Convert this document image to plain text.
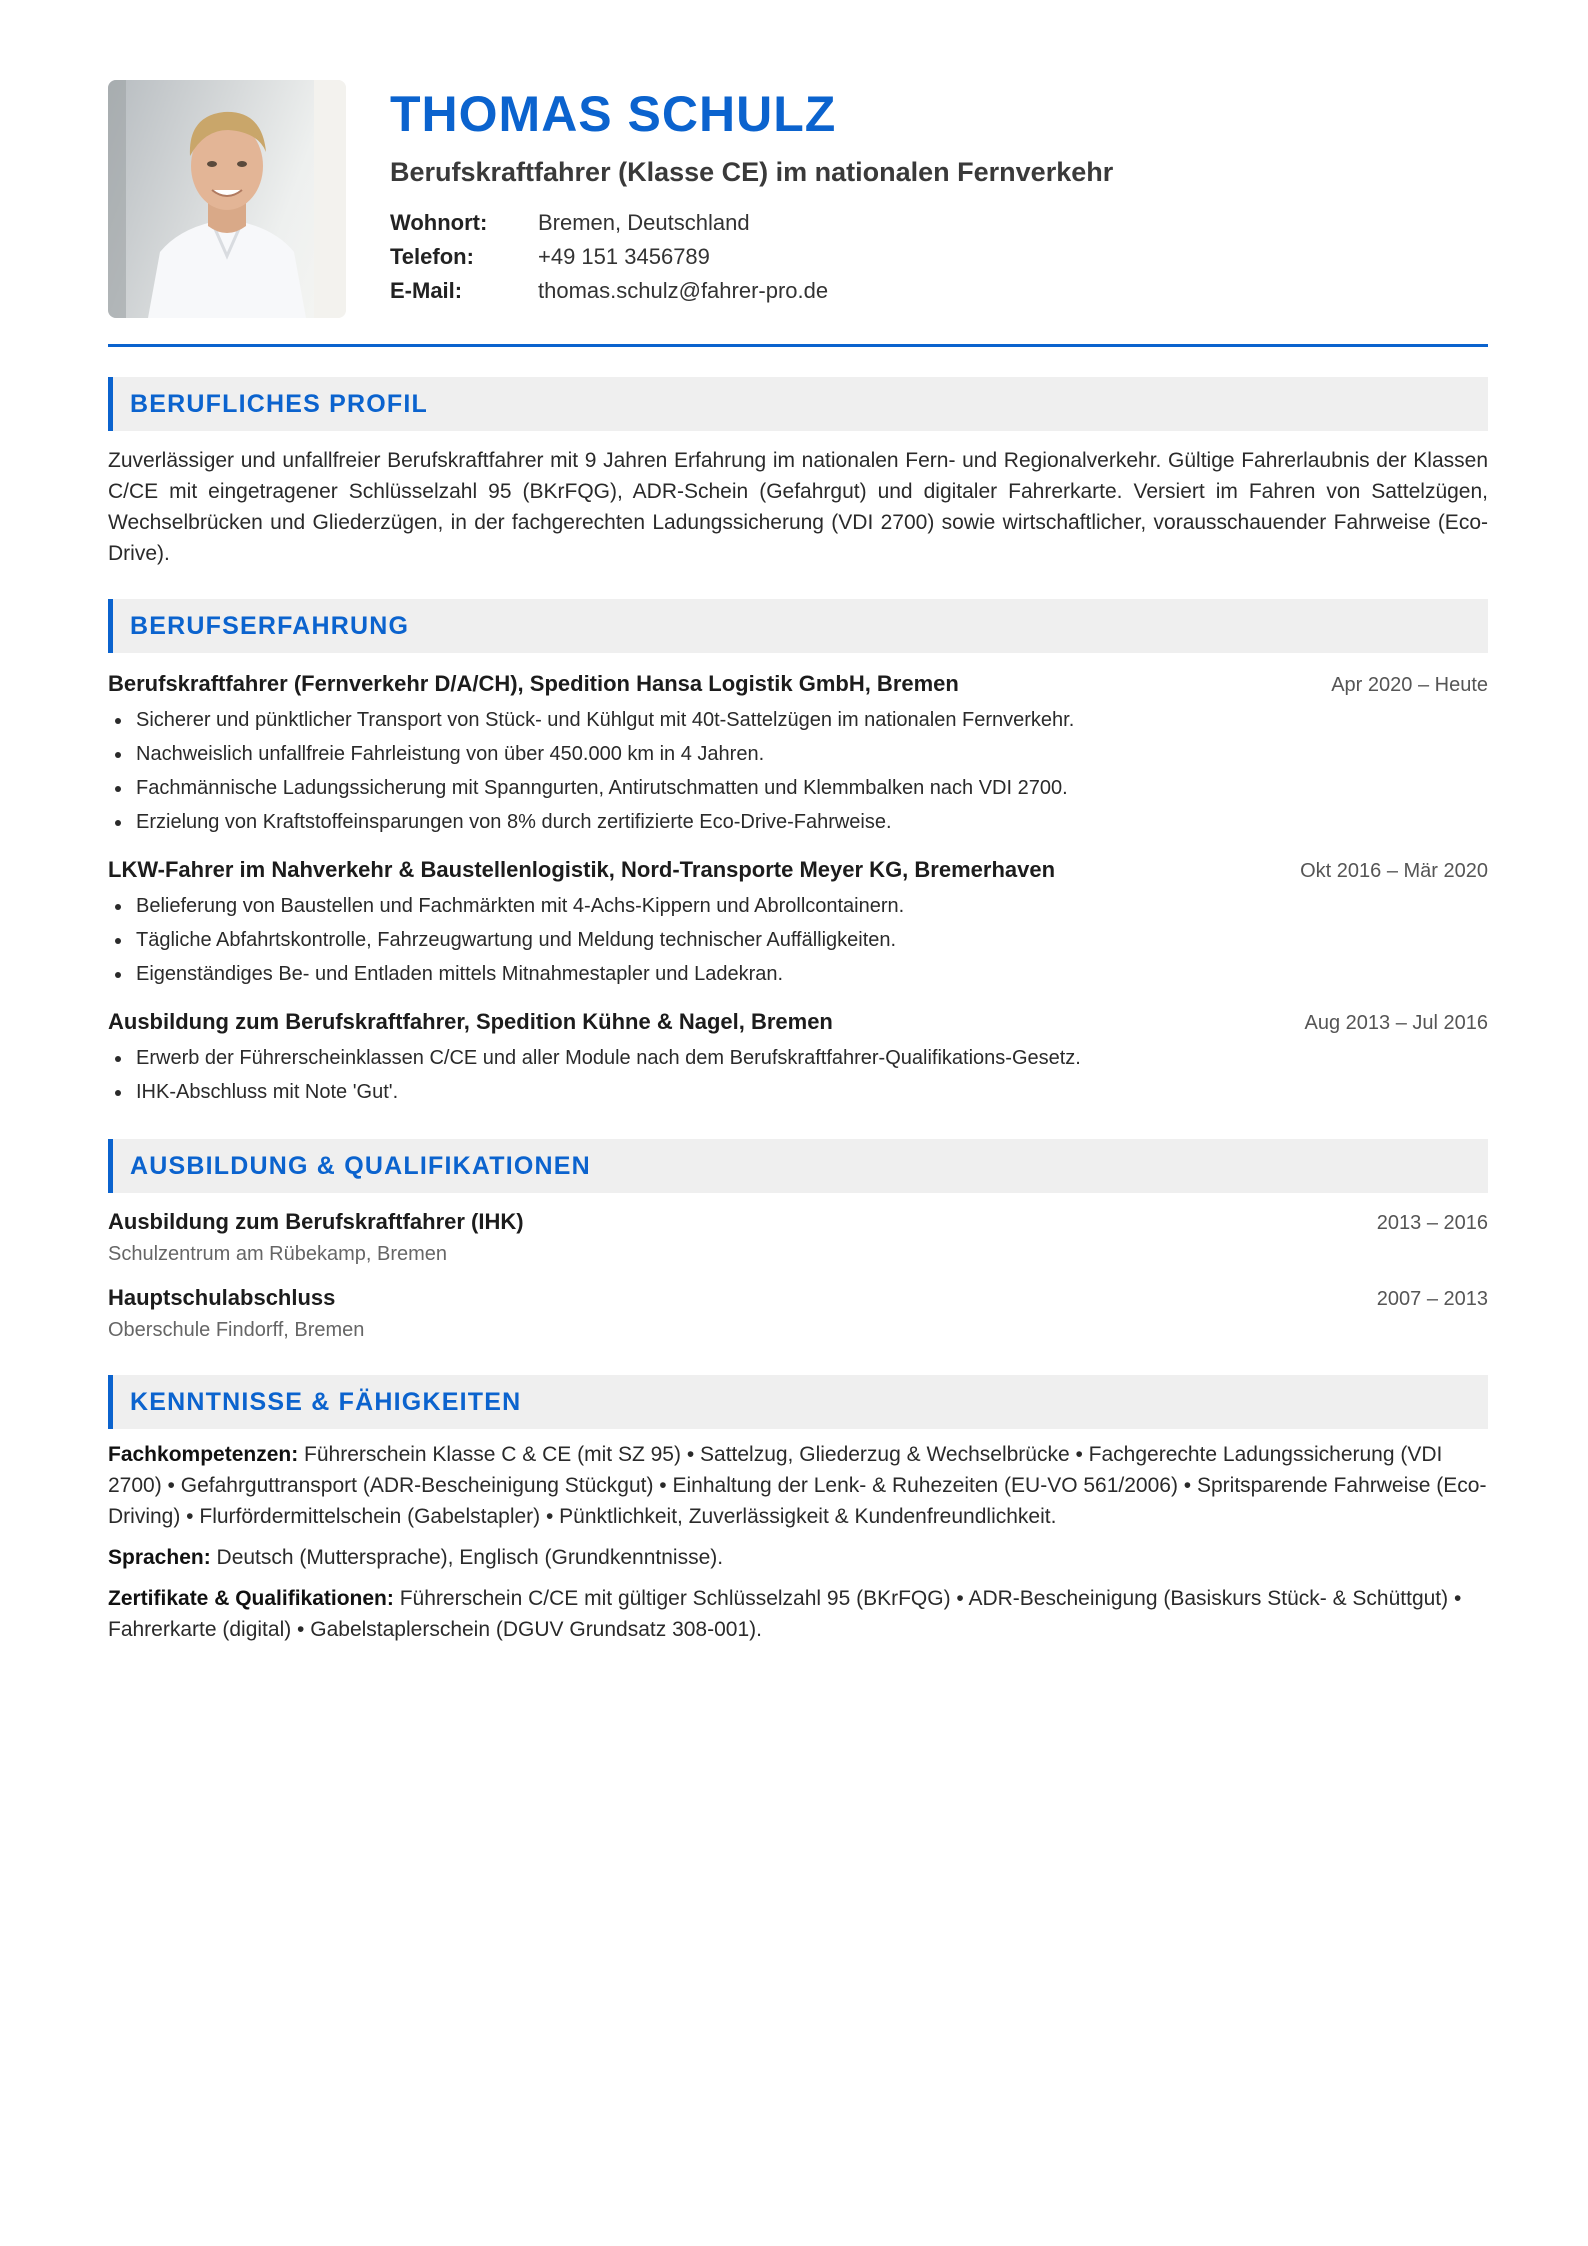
THOMAS SCHULZ
Berufskraftfahrer (Klasse CE) im nationalen Fernverkehr
Wohnort:	Bremen, Deutschland
Telefon:	+49 151 3456789
E-Mail:	thomas.schulz@fahrer-pro.de
BERUFLICHES PROFIL
Zuverlässiger und unfallfreier Berufskraftfahrer mit 9 Jahren Erfahrung im nationalen Fern- und Regionalverkehr. Gültige Fahrerlaubnis der Klassen C/CE mit eingetragener Schlüsselzahl 95 (BKrFQG), ADR-Schein (Gefahrgut) und digitaler Fahrerkarte. Versiert im Fahren von Sattelzügen, Wechselbrücken und Gliederzügen, in der fachgerechten Ladungssicherung (VDI 2700) sowie wirtschaftlicher, vorausschauender Fahrweise (Eco-Drive).
BERUFSERFAHRUNG
Berufskraftfahrer (Fernverkehr D/A/CH), Spedition Hansa Logistik GmbH, Bremen	Apr 2020 – Heute
Sicherer und pünktlicher Transport von Stück- und Kühlgut mit 40t-Sattelzügen im nationalen Fernverkehr.
Nachweislich unfallfreie Fahrleistung von über 450.000 km in 4 Jahren.
Fachmännische Ladungssicherung mit Spanngurten, Antirutschmatten und Klemmbalken nach VDI 2700.
Erzielung von Kraftstoffeinsparungen von 8% durch zertifizierte Eco-Drive-Fahrweise.
LKW-Fahrer im Nahverkehr & Baustellenlogistik, Nord-Transporte Meyer KG, Bremerhaven	Okt 2016 – Mär 2020
Belieferung von Baustellen und Fachmärkten mit 4-Achs-Kippern und Abrollcontainern.
Tägliche Abfahrtskontrolle, Fahrzeugwartung und Meldung technischer Auffälligkeiten.
Eigenständiges Be- und Entladen mittels Mitnahmestapler und Ladekran.
Ausbildung zum Berufskraftfahrer, Spedition Kühne & Nagel, Bremen	Aug 2013 – Jul 2016
Erwerb der Führerscheinklassen C/CE und aller Module nach dem Berufskraftfahrer-Qualifikations-Gesetz.
IHK-Abschluss mit Note 'Gut'.
AUSBILDUNG & QUALIFIKATIONEN
Ausbildung zum Berufskraftfahrer (IHK)	2013 – 2016
Schulzentrum am Rübekamp, Bremen
Hauptschulabschluss	2007 – 2013
Oberschule Findorff, Bremen
KENNTNISSE & FÄHIGKEITEN
Fachkompetenzen: Führerschein Klasse C & CE (mit SZ 95) • Sattelzug, Gliederzug & Wechselbrücke • Fachgerechte Ladungssicherung (VDI 2700) • Gefahrguttransport (ADR-Bescheinigung Stückgut) • Einhaltung der Lenk- & Ruhezeiten (EU-VO 561/2006) • Spritsparende Fahrweise (Eco-Driving) • Flurfördermittelschein (Gabelstapler) • Pünktlichkeit, Zuverlässigkeit & Kundenfreundlichkeit.
Sprachen: Deutsch (Muttersprache), Englisch (Grundkenntnisse).
Zertifikate & Qualifikationen: Führerschein C/CE mit gültiger Schlüsselzahl 95 (BKrFQG) • ADR-Bescheinigung (Basiskurs Stück- & Schüttgut) • Fahrerkarte (digital) • Gabelstaplerschein (DGUV Grundsatz 308-001).
